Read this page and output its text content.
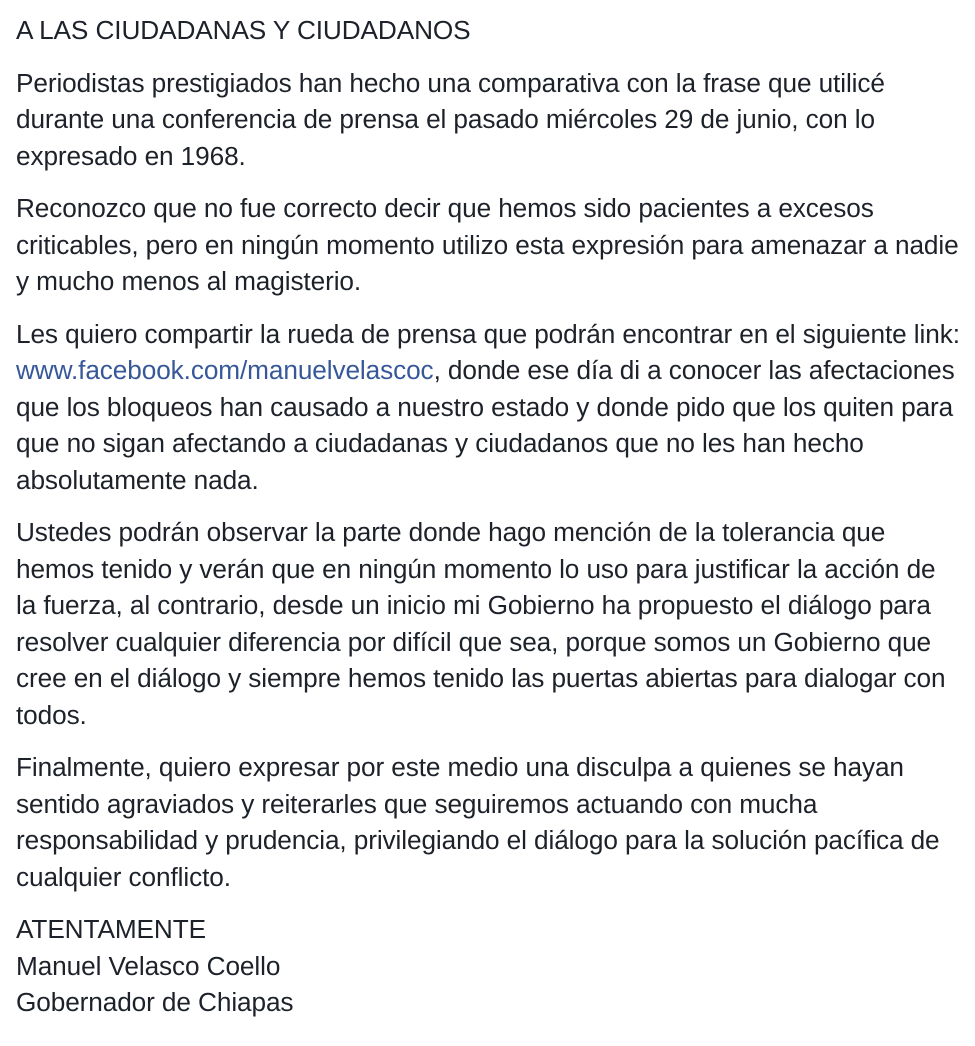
A LAS CIUDADANAS Y CIUDADANOS

Periodistas prestigiados han hecho una comparativa con la frase que utilicé durante una conferencia de prensa el pasado miércoles 29 de junio, con lo expresado en 1968.

Reconozco que no fue correcto decir que hemos sido pacientes a excesos criticables, pero en ningún momento utilizo esta expresión para amenazar a nadie y mucho menos al magisterio.

Les quiero compartir la rueda de prensa que podrán encontrar en el siguiente link: www.facebook.com/manuelvelascoc, donde ese día di a conocer las afectaciones que los bloqueos han causado a nuestro estado y donde pido que los quiten para que no sigan afectando a ciudadanas y ciudadanos que no les han hecho absolutamente nada.

Ustedes podrán observar la parte donde hago mención de la tolerancia que hemos tenido y verán que en ningún momento lo uso para justificar la acción de la fuerza, al contrario, desde un inicio mi Gobierno ha propuesto el diálogo para resolver cualquier diferencia por difícil que sea, porque somos un Gobierno que cree en el diálogo y siempre hemos tenido las puertas abiertas para dialogar con todos.

Finalmente, quiero expresar por este medio una disculpa a quienes se hayan sentido agraviados y reiterarles que seguiremos actuando con mucha responsabilidad y prudencia, privilegiando el diálogo para la solución pacífica de cualquier conflicto.

ATENTAMENTE
Manuel Velasco Coello
Gobernador de Chiapas
